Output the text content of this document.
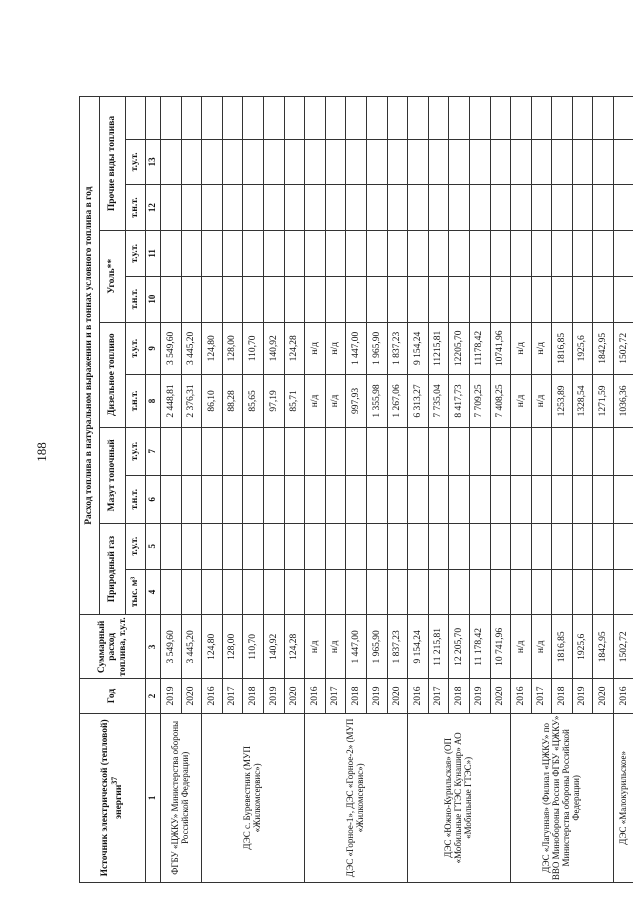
188
Источник электрической (тепловой) энергии$^{37}$	Год	Суммарный расход топлива, т.у.т.	Расход топлива в натуральном выражении и в тоннах условного топлива в год										
			Природный газ		Мазут топочный		Дизельное топливо		Уголь**		Прочие виды топлива		
			тыс. м³	т.у.т.	т.н.т.	т.у.т.	т.н.т.	т.у.т.	т.н.т.	т.у.т.	т.н.т.	т.у.т.	
1	2	3	4	5	6	7	8	9	10	11	12	13	
ФГБУ «ЦЖКУ» Министерства обороны Российской Федерации)	2019	3 549,60					2 448,81	3 549,60					
	2020	3 445,20					2 376,31	3 445,20					
ДЭС с. Буревестник (МУП «Жилкомсервис»)	2016	124,80					86,10	124,80					
	2017	128,00					88,28	128,00					
	2018	110,70					85,65	110,70					
	2019	140,92					97,19	140,92					
	2020	124,28					85,71	124,28					
ДЭС «Горное-1», ДЭС «Горное-2» (МУП «Жилкомсервис»)	2016	н/д					н/д	н/д					
	2017	н/д					н/д	н/д					
	2018	1 447,00					997,93	1 447,00					
	2019	1 965,90					1 355,98	1 965,90					
	2020	1 837,23					1 267,06	1 837,23					
ДЭС «Южно-Курильская» (ОП «Мобильные ГТЭС Кунашир» АО «Мобильные ГТЭС»)	2016	9 154,24					6 313,27	9 154,24					
	2017	11 215,81					7 735,04	11215,81					
	2018	12 205,70					8 417,73	12205,70					
	2019	11 178,42					7 709,25	11178,42					
	2020	10 741,96					7 408,25	10741,96					
ДЭС «Лагунная» (Филиал «ЦЖКУ» по ВВО Минобороны России ФГБУ «ЦЖКУ» Министерства обороны Российской Федерации)	2016	н/д					н/д	н/д					
	2017	н/д					н/д	н/д					
	2018	1816,85					1253,89	1816,85					
	2019	1925,6					1328,54	1925,6					
	2020	1842,95					1271,59	1842,95					
ДЭС «Малокурильское»	2016	1502,72					1036,36	1502,72					
